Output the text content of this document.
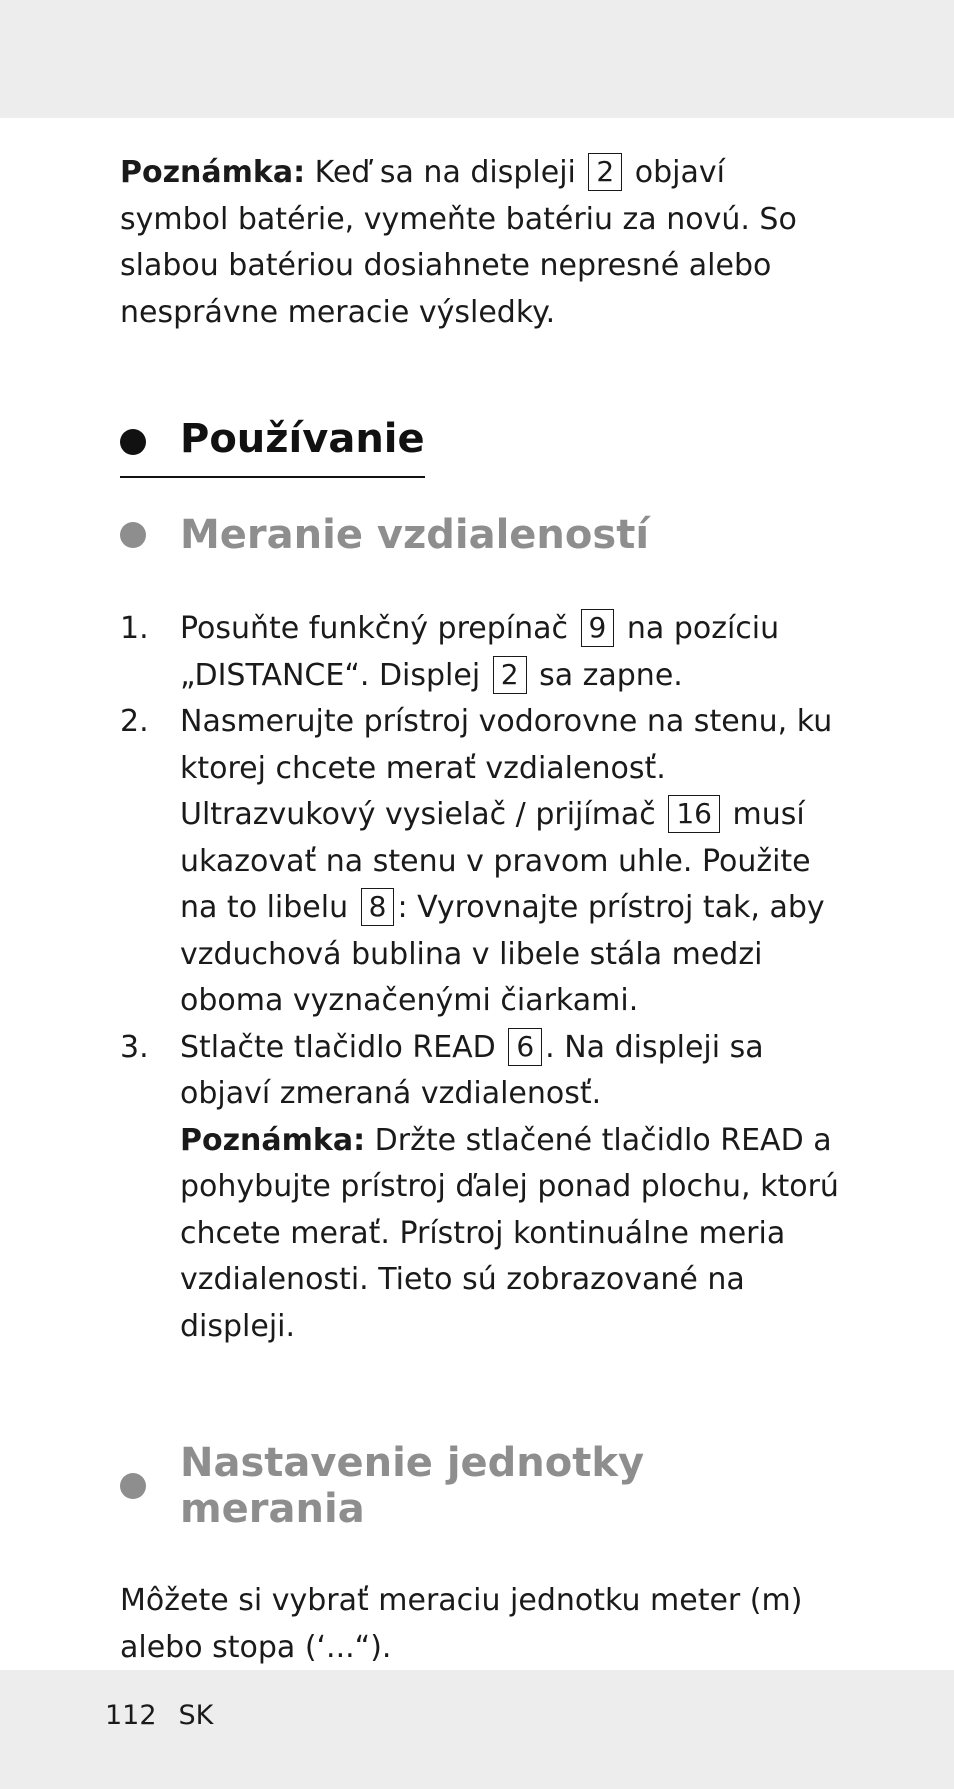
Poznámka: Keď sa na displeji 2 objaví symbol batérie, vymeňte batériu za novú. So slabou batériou dosiahnete nepresné alebo nesprávne meracie výsledky.

Používanie
Meranie vzdialeností
1.	Posuňte funkčný prepínač 9 na pozíciu „DISTANCE“. Displej 2 sa zapne.
2.	Nasmerujte prístroj vodorovne na stenu, ku ktorej chcete merať vzdialenosť. Ultrazvukový vysielač / prijímač 16 musí ukazovať na stenu v pravom uhle. Použite na to libelu 8 : Vyrovnajte prístroj tak, aby vzduchová bublina v libele stála medzi oboma vyznačenými čiarkami.
3.	Stlačte tlačidlo READ 6 . Na displeji sa objaví zmeraná vzdialenosť.
Poznámka: Držte stlačené tlačidlo READ a pohybujte prístroj ďalej ponad plochu, ktorú chcete merať. Prístroj kontinuálne meria vzdialenosti. Tieto sú zobrazované na displeji.
Nastavenie jednotky merania

Môžete si vybrať meraciu jednotku meter (m) alebo stopa (‘...“).

112 SK
